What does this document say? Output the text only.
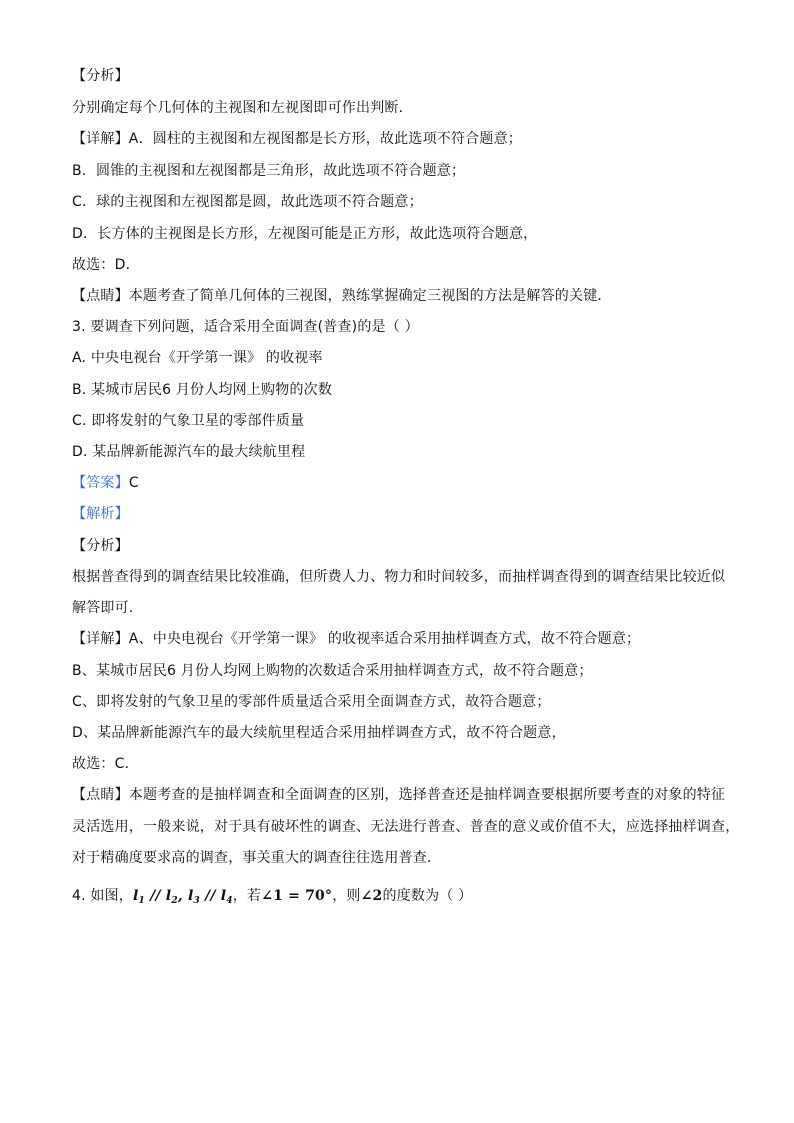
【分析】
分别确定每个几何体的主视图和左视图即可作出判断．
【详解】A．圆柱的主视图和左视图都是长方形，故此选项不符合题意；
B．圆锥的主视图和左视图都是三角形，故此选项不符合题意；
C．球的主视图和左视图都是圆，故此选项不符合题意；
D．长方体的主视图是长方形，左视图可能是正方形，故此选项符合题意，
故选：D．
【点睛】本题考查了简单几何体的三视图，熟练掌握确定三视图的方法是解答的关键．
3. 要调查下列问题，适合采用全面调查(普查)的是（ ）
A. 中央电视台《开学第一课》 的收视率
B. 某城市居民6 月份人均网上购物的次数
C. 即将发射的气象卫星的零部件质量
D. 某品牌新能源汽车的最大续航里程
【答案】C
【解析】
【分析】
根据普查得到的调查结果比较准确，但所费人力、物力和时间较多，而抽样调查得到的调查结果比较近似
解答即可．
【详解】A、中央电视台《开学第一课》 的收视率适合采用抽样调查方式，故不符合题意；
B、某城市居民6 月份人均网上购物的次数适合采用抽样调查方式，故不符合题意；
C、即将发射的气象卫星的零部件质量适合采用全面调查方式，故符合题意；
D、某品牌新能源汽车的最大续航里程适合采用抽样调查方式，故不符合题意，
故选：C．
【点睛】本题考查的是抽样调查和全面调查的区别，选择普查还是抽样调查要根据所要考查的对象的特征
灵活选用，一般来说，对于具有破坏性的调查、无法进行普查、普查的意义或价值不大，应选择抽样调查，
对于精确度要求高的调查，事关重大的调查往往选用普查．
4. 如图，$l_1 // l_2$, $l_3 // l_4$，若∠1 = 70°，则∠2的度数为（ ）
